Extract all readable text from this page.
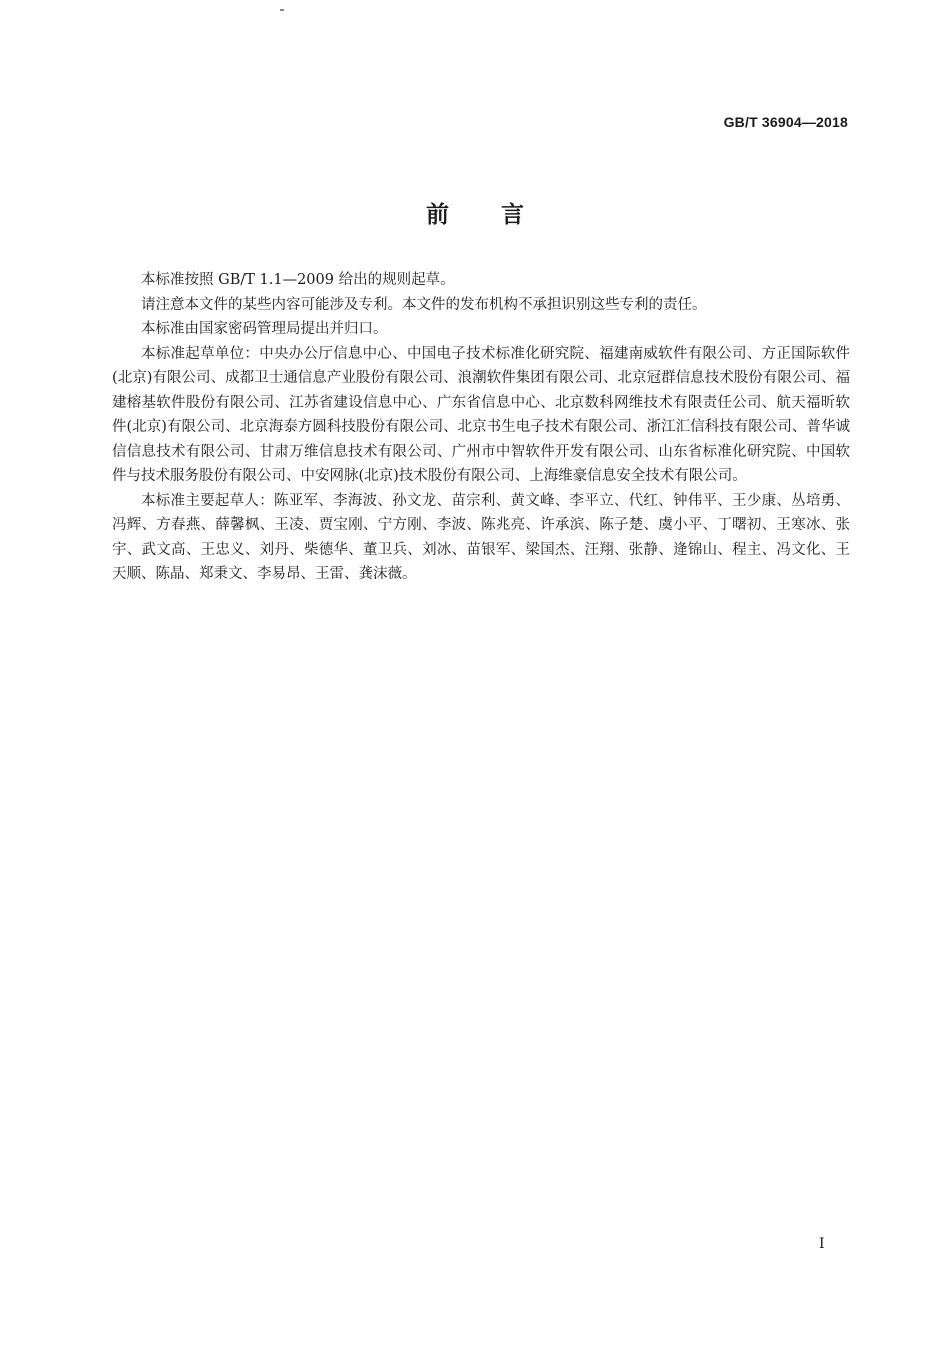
GB/T 36904—2018
前言

本标准按照 GB/T 1.1—2009 给出的规则起草。

请注意本文件的某些内容可能涉及专利。本文件的发布机构不承担识别这些专利的责任。

本标准由国家密码管理局提出并归口。

本标准起草单位：中央办公厅信息中心、中国电子技术标准化研究院、福建南威软件有限公司、方正国际软件(北京)有限公司、成都卫士通信息产业股份有限公司、浪潮软件集团有限公司、北京冠群信息技术股份有限公司、福建榕基软件股份有限公司、江苏省建设信息中心、广东省信息中心、北京数科网维技术有限责任公司、航天福昕软件(北京)有限公司、北京海泰方圆科技股份有限公司、北京书生电子技术有限公司、浙江汇信科技有限公司、普华诚信信息技术有限公司、甘肃万维信息技术有限公司、广州市中智软件开发有限公司、山东省标准化研究院、中国软件与技术服务股份有限公司、中安网脉(北京)技术股份有限公司、上海维豪信息安全技术有限公司。

本标准主要起草人：陈亚军、李海波、孙文龙、苗宗利、黄文峰、李平立、代红、钟伟平、王少康、丛培勇、冯辉、方春燕、薛馨枫、王凌、贾宝刚、宁方刚、李波、陈兆亮、许承滨、陈子楚、虞小平、丁曙初、王寒冰、张宇、武文高、王忠义、刘丹、柴德华、董卫兵、刘冰、苗银军、梁国杰、汪翔、张静、逄锦山、程主、冯文化、王天顺、陈晶、郑秉文、李易昂、王雷、龚沫薇。

I
